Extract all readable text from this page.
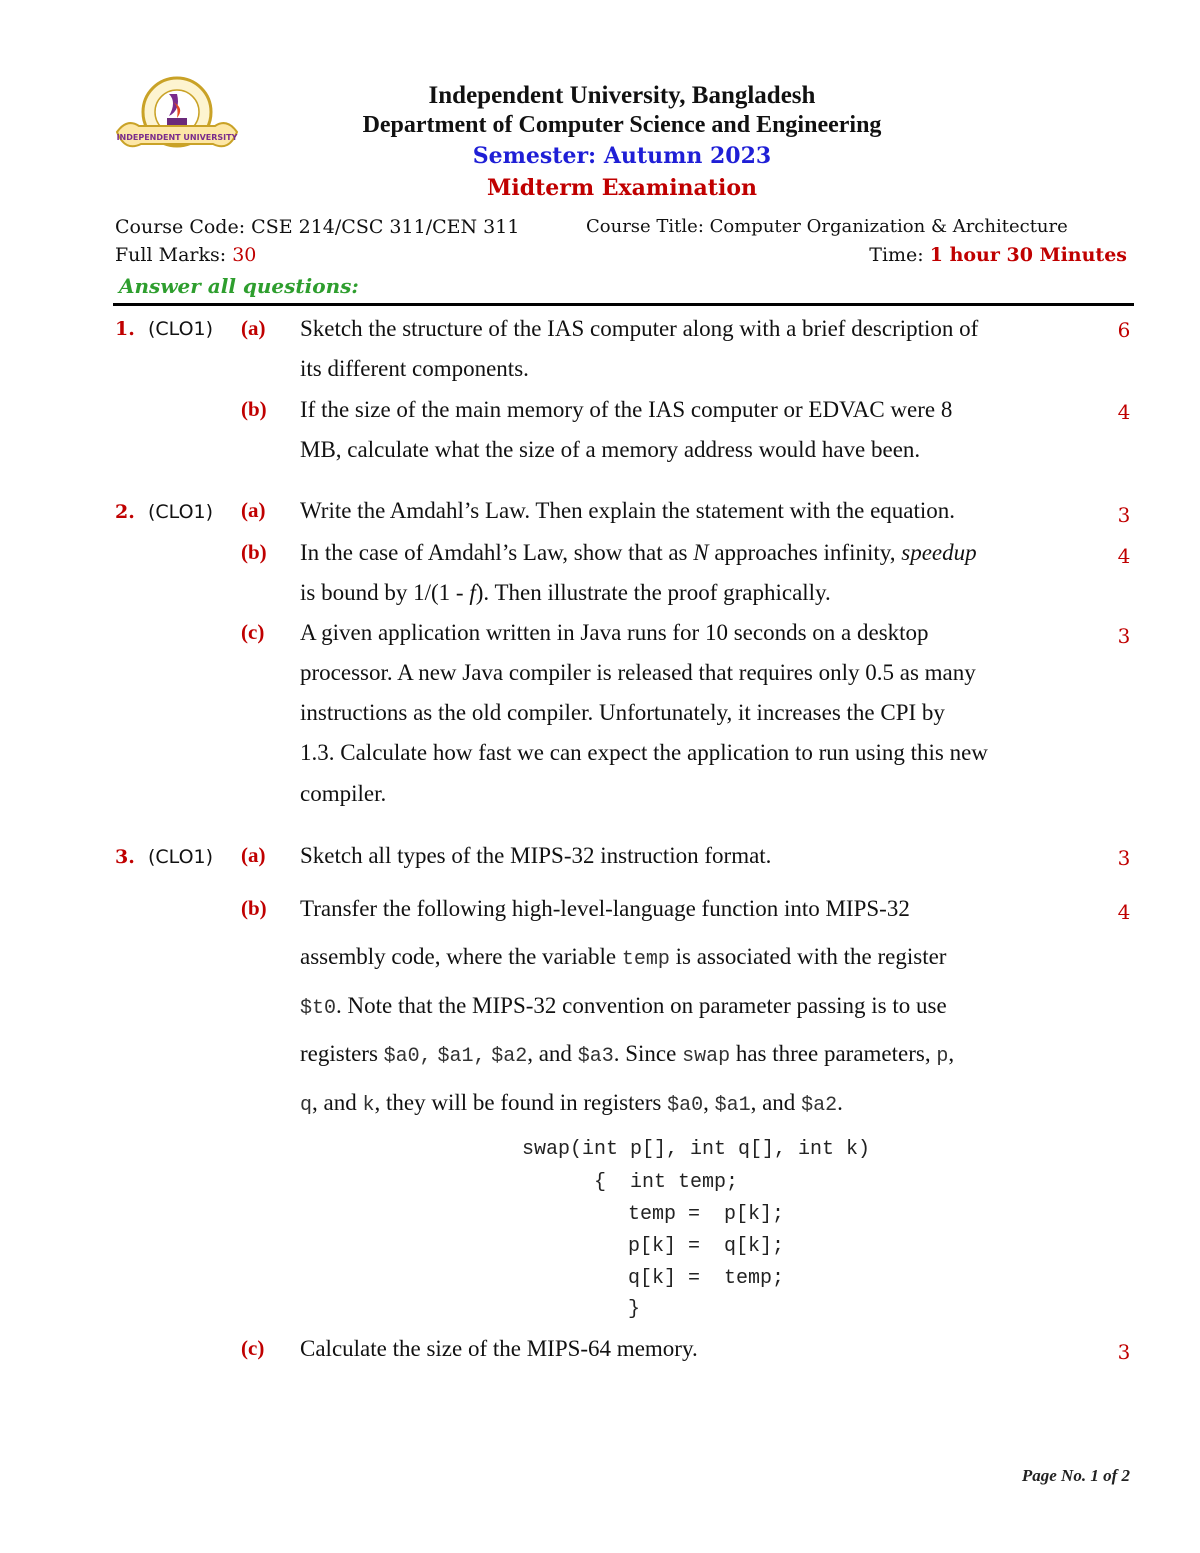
INDEPENDENT UNIVERSITY
Independent University, Bangladesh
Department of Computer Science and Engineering
Semester: Autumn 2023
Midterm Examination
Course Code: CSE 214/CSC 311/CEN 311	Course Title: Computer Organization & Architecture
Full Marks: 30	Time: 1 hour 30 Minutes
Answer all questions:
1. (CLO1) (a) Sketch the structure of the IAS computer along with a brief description of
its different components.
6
(b) If the size of the main memory of the IAS computer or EDVAC were 8
MB, calculate what the size of a memory address would have been.
4
2. (CLO1) (a) Write the Amdahl’s Law. Then explain the statement with the equation.	3
(b) In the case of Amdahl’s Law, show that as N approaches infinity, speedup
is bound by 1/(1 - f). Then illustrate the proof graphically.
4
(c) A given application written in Java runs for 10 seconds on a desktop
processor. A new Java compiler is released that requires only 0.5 as many
instructions as the old compiler. Unfortunately, it increases the CPI by
1.3. Calculate how fast we can expect the application to run using this new
compiler.
3
3. (CLO1) (a) Sketch all types of the MIPS-32 instruction format.	3
(b) Transfer the following high-level-language function into MIPS-32
assembly code, where the variable temp is associated with the register
$t0. Note that the MIPS-32 convention on parameter passing is to use
registers $a0, $a1, $a2, and $a3. Since swap has three parameters, p,
q, and k, they will be found in registers $a0, $a1, and $a2.
4
swap(int p[], int q[], int k)
{  int temp;
temp =  p[k];
p[k] =  q[k];
q[k] =  temp;
}
(c) Calculate the size of the MIPS-64 memory.	3
Page No. 1 of 2
